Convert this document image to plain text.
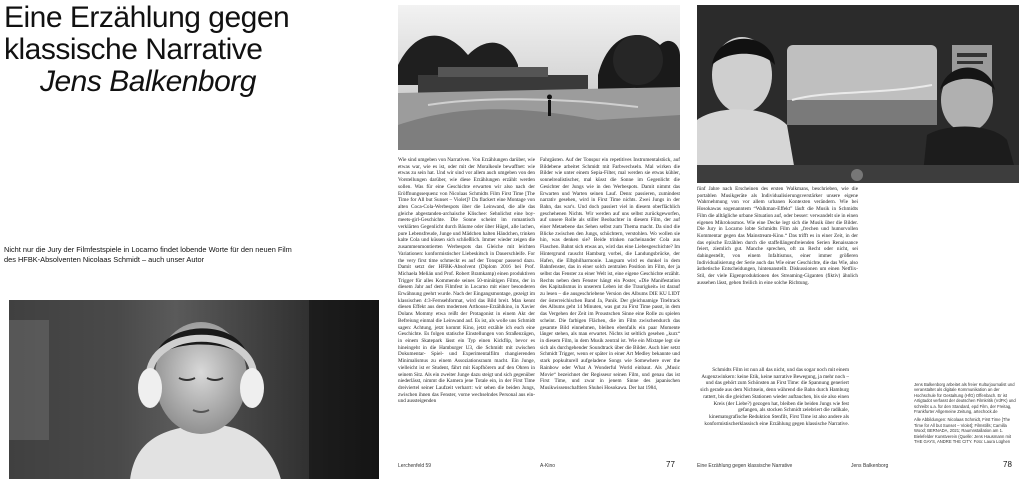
Eine Erzählung gegen
klassische Narrative
Jens Balkenborg

Nicht nur die Jury der Filmfestspiele in Locarno findet lobende Worte für den neuen Film des HFBK-Absolventen Nicolaas Schmidt – auch unser Autor

Wie sind umgeben von Narrativen. Von Erzählungen darüber, wie etwas war, wie es ist, oder mit der Moralkeule bewaffnet: wie etwas zu sein hat. Und wir sind vor allem auch umgeben von den Vorstellungen darüber, wie diese Erzählungen erzählt werden sollen. Was für eine Geschichte erwarten wir also nach der Eröffnungssequenz von Nicolaas Schmidts Film First Time [The Time for All but Sunset – Violet]? Da flackert eine Montage von alten Coca-Cola-Werbespots über die Leinwand, die alle das gleiche abgestanden-archaische Klischee: Sehnlichst eine boy-meets-girl-Geschichte. Die Sonne scheint im romantisch verklärten Gegenlicht durch Bäume oder über Hügel, alle lachen, pure Lebensfreude, Junge und Mädchen halten Händchen, trinken kalte Cola und küssen sich schließlich. Immer wieder zeigen die zusammenmontierten Werbespots das Gleiche mit leichten Variationen: konformistischer Liebeskitsch in Dauerschleife. For the very first time schmeckt es auf der Tonspur passend dazu. Damit setzt der HFBK-Absolvent (Diplom 2016 bei Prof. Michaela Melián und Prof. Robert Bramkamp) einen produktiven Trigger für alles Kommende seines 50-minütigen Films, der in diesem Jahr auf dem Filmfest in Locarno mit einer besonderen Erwähnung geehrt wurde. Nach der Eingangsmontage, gezeigt im klassischen 4:3-Fernsehformat, wird das Bild breit. Man kennt diesen Effekt aus dem modernen Arthouse-Erzählkino, in Xavier Dolans Mommy etwa reißt der Protagonist in einem Akt der Befreiung einmal die Leinwand auf. Es ist, als wolle uns Schmidt sagen: Achtung, jetzt kommt Kino, jetzt erzähle ich euch eine Geschichte. Es folgen statische Einstellungen von Straßenzügen, in einem Skatepark lässt ein Typ einen Kickflip, bevor es hineingeht in die Hamburger U3, die Schmidt mit zwischen Dokumentar- Spiel- und Experimentalfilm changierenden Minimalismus zu einem Assoziationsraum macht. Ein Junge, vielleicht ist er Student, fährt mit Kopfhörern auf den Ohren in seinem Sitz. Als ein zweiter Junge dazu steigt und sich gegenüber niederlässt, nimmt die Kamera jene Totale ein, in der First Time dreiviertel seiner Laufzeit verharrt: wir sehen die beiden Jungs, zwischen ihnen das Fenster, vorne wechselndes Personal aus ein- und aussteigenden

Fahrgästen. Auf der Tonspur ein repetitives Instrumentalstück, auf Bildebene arbeitet Schmidt mit Farbwechseln. Mal wirken die Bilder wie unter einem Sepia-Filter, mal werden sie etwas kühler, sonnelrealistischer, mal küsst die Sonne im Gegenlicht die Gesichter der Jungs wie in den Werbespots. Damit nimmt das Erwarten und Warten seinen Lauf. Denn: passieren, zumindest narrativ gesehen, wird in First Time nichts. Zwei Jungs in der Bahn, das war's. Und doch passiert viel in diesem oberflächlich geschehenen Nichts. Wir werden auf uns selbst zurückgeworfen, auf unsere Rolle als stiller Beobachter in diesem Film, der auf einer Metaebene das Sehen selbst zum Thema macht. Da sind die Blicke zwischen den Jungs, schüchtern, verstohlen. Wo wollen sie hin, was denken sie? Beide trinken nacheinander Cola aus Flaschen. Bahnt sich etwas an, wird das eine Liebesgeschichte? Im Hintergrund rauscht Hamburg vorbei, die Landungsbrücke, der Hafen, die Elbphilharmonie. Langsam wird es dunkel in dem Bahnfenster, das in einer solch zentralen Position im Film, der ja selbst das Fenster zu einer Welt ist, eine eigene Geschichte erzählt. Rechts neben dem Fenster hängt ein Poster, »Die Manifestation des Kapitalismus in unserem Leben ist die Traurigkeit« ist darauf zu lesen – die ausgeschriebene Version des Albums DIE KU LIDT der österreichischen Band Ja, Panik. Der gleichnamige Titeltrack des Albums geht 14 Minuten, was gut zu First Time passt, in dem das Vergehen der Zeit im Proustschen Sinne eine Rolle zu spielen scheint. Die farbigen Flächen, die im Film zwischendurch das gesamte Bild einnehmen, bleiben ebenfalls ein paar Momente länger stehen, als man erwartet. Nichts ist seltlich gesehen „kurz“ in diesem Film, in dem Musik zentral ist. Wie ein Mixtape legt sie sich als durchgehender Soundtrack über die Bilder. Auch hier setzt Schmidt Trigger, wenn er später in einer Art Medley bekannte und stark popkulturell aufgeladene Songs wie Somewhere over the Rainbow oder What A Wonderful World einbaut. Als „Music Movie“ bezeichnet der Regisseur seinen Film, und genau das ist First Time, und zwar in jenem Sinne des japanischen Musikwissenschaftlers Shuhei Hosokawa. Der hat 1984,

Lerchenfeld 59	A-Kino	77

fünf Jahre nach Erscheinen des ersten Walkmans, beschrieben, wie die portablen Musikgeräte als Individualisierungsverstärker unsere eigene Wahrnehmung von vor allem urbanen Kontexten verändern. Wie bei Hosokawas sogenanntem “Walkman-Effekt” läuft die Musik in Schmidts Film die alltägliche urbane Situation auf, oder besser: verwandelt sie in einen eigenen Mikrokosmos. Wie eine Decke legt sich die Musik über die Bilder. Die Jury in Locarno lobte Schmidts Film als „frechen und humorvollen Kommentar gegen das Mainstream-Kino.“ Das trifft es in einer Zeit, in der das epische Erzählen durch die staffellängenfreienden Serien Renaissance feiert, ziemlich gut. Manche sprechen, oft zu Recht oder nicht, sei dahingestellt, von einem Infaltismus, einer immer größeren Individualisierung der Serie auch das Wie einer Geschichte, die das Wie, also ästhetische Entscheidungen, hintenanstellt. Diskussionen um einen Netflix-Stil, der viele Eigenproduktionen des Streaming-Giganten (fiktiv) ähnlich aussehen lässt, gehen freilich in eine solche Richtung.

Schmidts Film ist nun all das nicht, und das sogar noch mit einem Augenzwinkern: keine Etik, keine narrative Bewegung, ja mehr noch – und das gehört zum Schönsten an First Time: die Spannung generiert sich gerade aus dem Nichtsein, denn während die Bahn durch Hamburg rattert, bis die gleichen Stationen wieder auftauchen, bis sie also einen Kreis (der Liebe?) gezogen hat, bleiben die beiden Jungs wie fest gefangen, als stocken Schmidt zelebriert die radikale, kinematografische Reduktion Stenfilt, First Time ist also andere als konformistischerklassisch eine Erzählung gegen klassische Narrative.

Jens Balkenborg arbeitet als freier Kulturjournalist und veranstaltet als digitale Kommunikation an der Hochschule für Gestaltung (HfG) Offenbach. Er ist Artigtadot verfasst der deutschen Filmkritik (VdFK) und schreibt u.a. für den Standard, epd Film, der Freitag, Frankfurter Allgemeine Zeitung, artechock.de

Alle Abbildungen: Nicolaas Schmidt, First Time [The Time for All but Sunset – Violet]; Filmstills; Camilla Wood; BERNADA, 2021; Raumnstallation am 1. Bielefelder Kunstverein (Quelle: Jens Hausmann mit THE GAYS, ANDRE THE CITY. Foto: Laura Lüghen

Eine Erzählung gegen klassische Narrative	Jens Balkenborg	78
